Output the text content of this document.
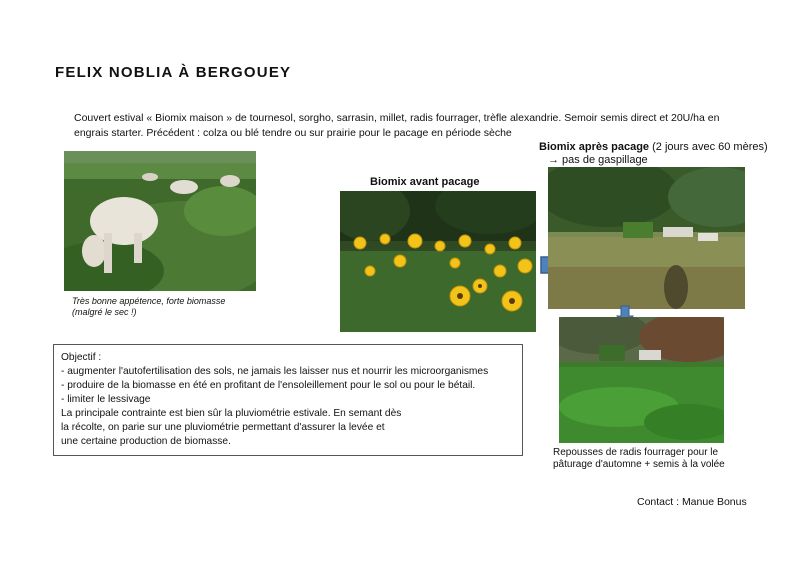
FELIX NOBLIA À BERGOUEY
Couvert estival « Biomix maison » de tournesol, sorgho, sarrasin, millet, radis fourrager, trèfle alexandrie. Semoir semis direct et 20U/ha en
engrais starter. Précédent : colza ou blé tendre ou sur prairie pour le pacage en période sèche
Très bonne appétence, forte biomasse
(malgré le sec !)
Biomix avant pacage
Biomix après pacage (2 jours avec 60 mères)
→ pas de gaspillage
Repousses de radis fourrager pour le
pâturage d'automne + semis à la volée
Objectif :
- augmenter l'autofertilisation des sols, ne jamais les laisser nus et nourrir les microorganismes
- produire de la biomasse en été en profitant de l'ensoleillement pour le sol ou pour le bétail.
- limiter le lessivage
La principale contrainte est bien sûr la pluviométrie estivale. En semant dès
la récolte, on parie sur une pluviométrie permettant d'assurer la levée et
une certaine production de biomasse.
Contact : Manue Bonus
